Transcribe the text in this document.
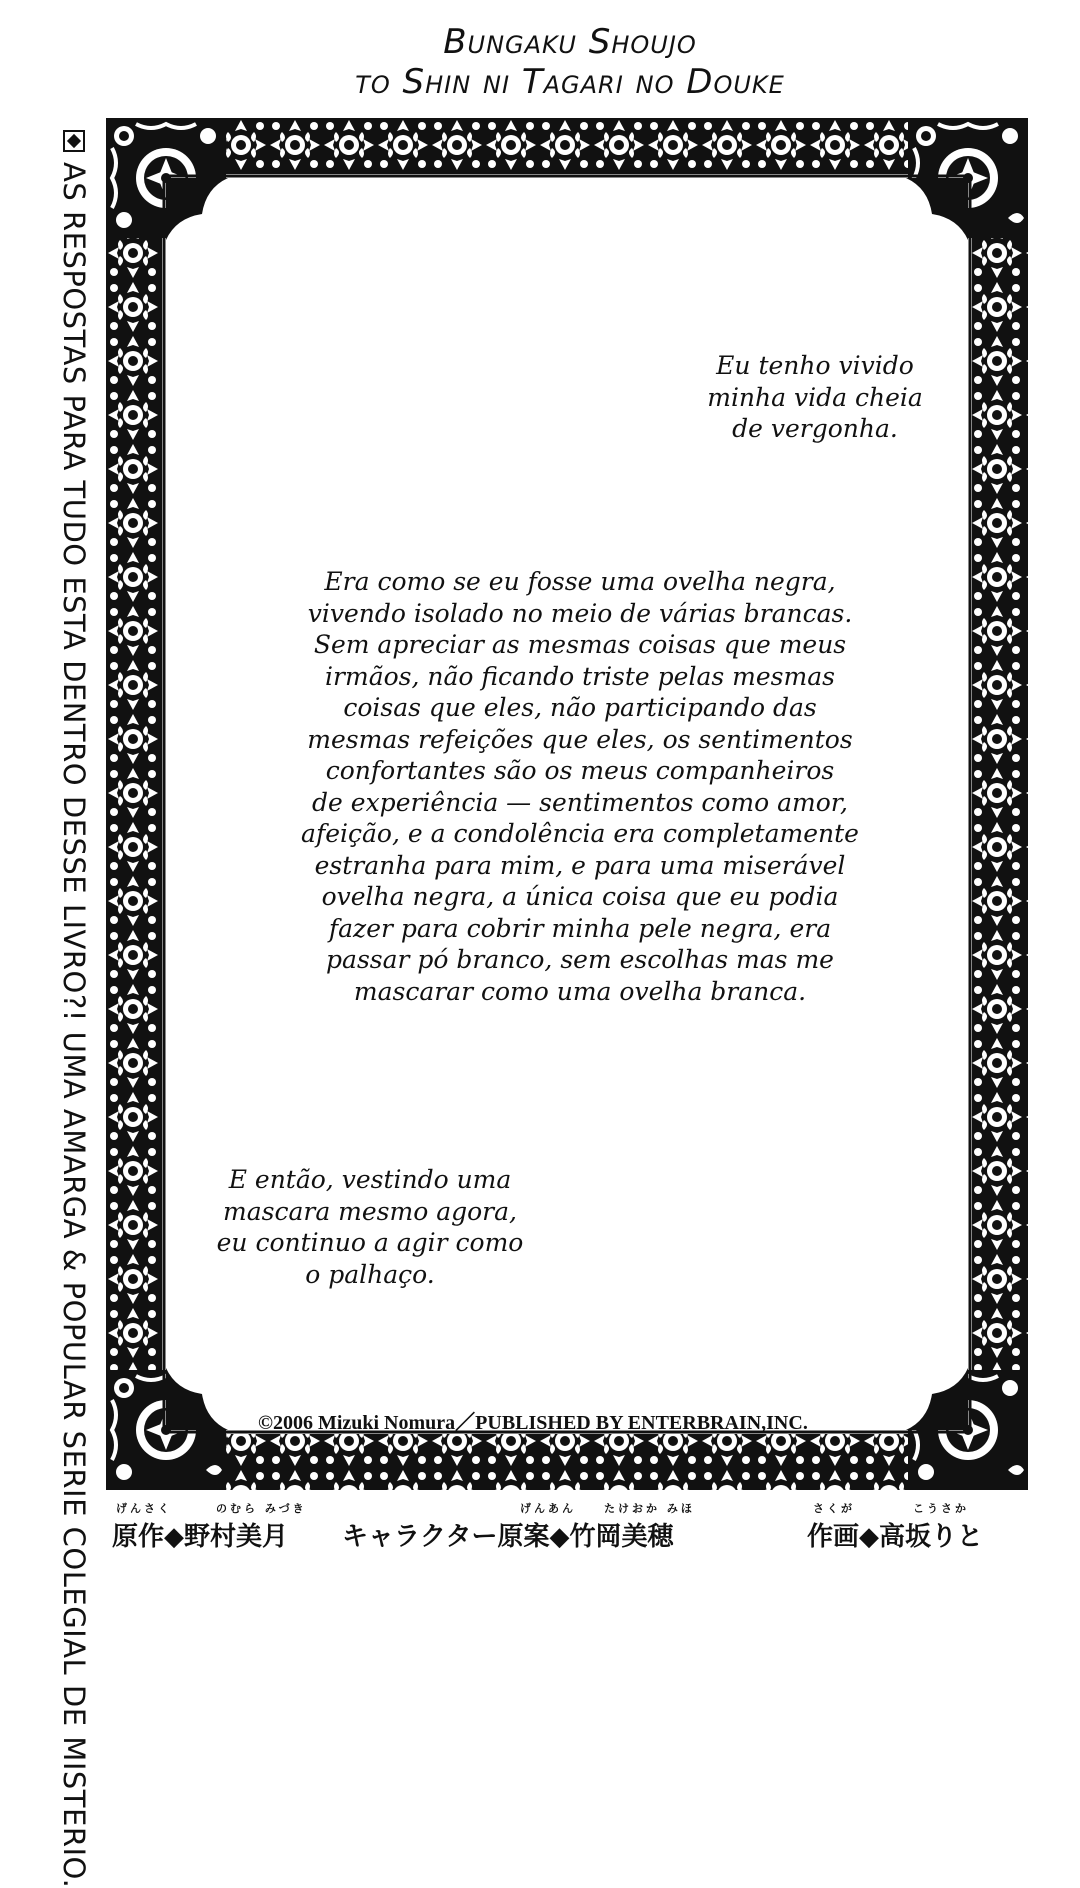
Bungaku Shoujo
to Shin ni Tagari no Douke
AS RESPOSTAS PARA TUDO ESTA DENTRO DESSE LIVRO?! UMA AMARGA & POPULAR SERIE COLEGIAL DE MISTERIO.	Eu tenho vivido
minha vida cheia
de vergonha.
Era como se eu fosse uma ovelha negra,
vivendo isolado no meio de várias brancas.
Sem apreciar as mesmas coisas que meus
irmãos, não ficando triste pelas mesmas
coisas que eles, não participando das
mesmas refeições que eles, os sentimentos
confortantes são os meus companheiros
de experiência — sentimentos como amor,
afeição, e a condolência era completamente
estranha para mim, e para uma miserável
ovelha negra, a única coisa que eu podia
fazer para cobrir minha pele negra, era
passar pó branco, sem escolhas mas me
mascarar como uma ovelha branca.
E então, vestindo uma
mascara mesmo agora,
eu continuo a agir como
o palhaço.
©2006 Mizuki Nomura／PUBLISHED BY ENTERBRAIN,INC.
げんさく	のむら みづき
原作◆野村美月
げんあん	たけおか みほ
キャラクター原案◆竹岡美穂
さくが	こうさか
作画◆高坂りと
